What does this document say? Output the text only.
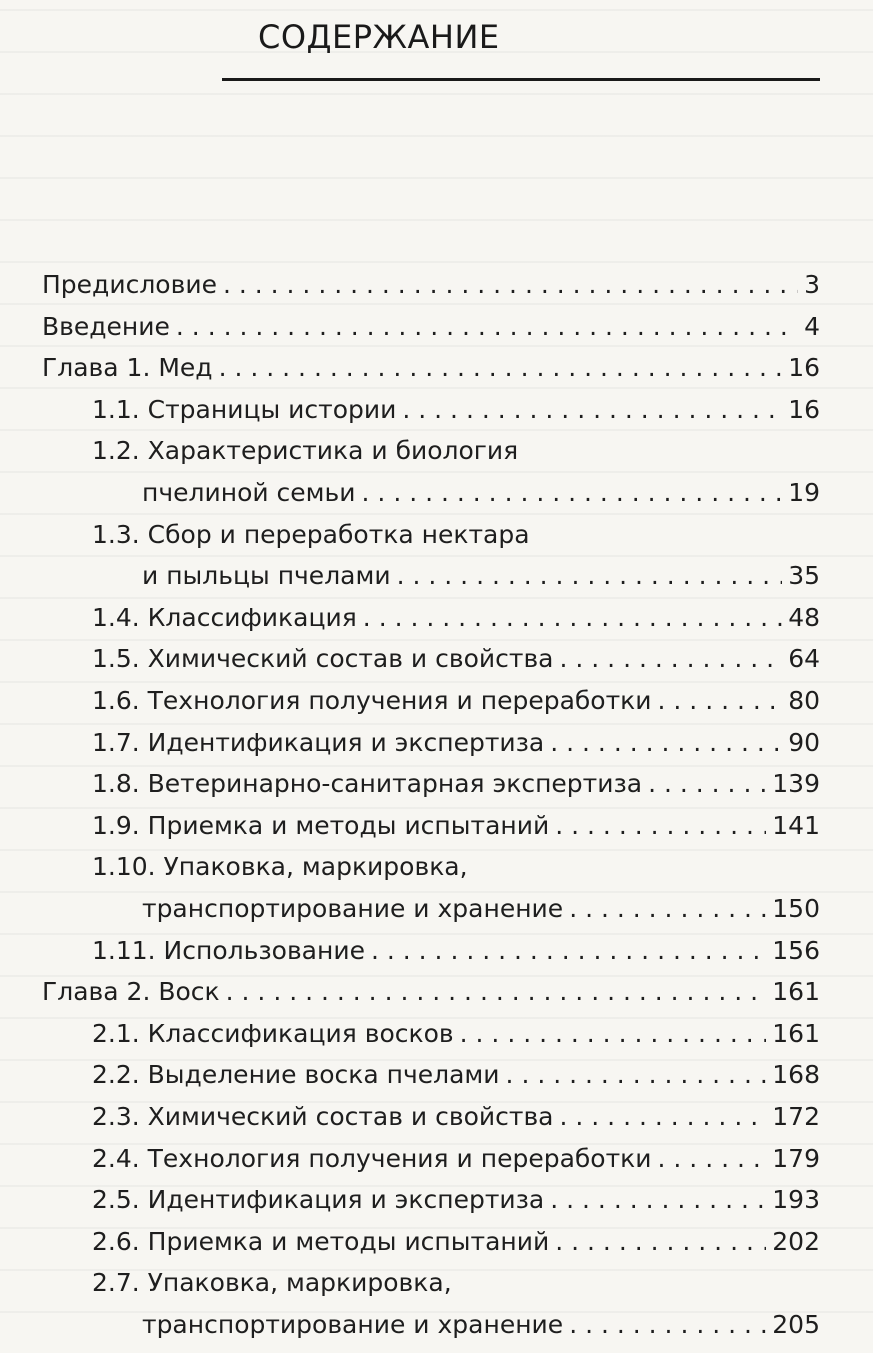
СОДЕРЖАНИЕ
Предисловие . . .	3
Введение . . .	4
Глава 1. Мед . . .	16
1.1. Страницы истории . . .	16
1.2. Характеристика и биология
пчелиной семьи . . .	19
1.3. Сбор и переработка нектара
и пыльцы пчелами . . .	35
1.4. Классификация . . .	48
1.5. Химический состав и свойства . . .	64
1.6. Технология получения и переработки . . .	80
1.7. Идентификация и экспертиза . . .	90
1.8. Ветеринарно-санитарная экспертиза . . .	139
1.9. Приемка и методы испытаний . . .	141
1.10. Упаковка, маркировка,
транспортирование и хранение . . .	150
1.11. Использование . . .	156
Глава 2. Воск . . .	161
2.1. Классификация восков . . .	161
2.2. Выделение воска пчелами . . .	168
2.3. Химический состав и свойства . . .	172
2.4. Технология получения и переработки . . .	179
2.5. Идентификация и экспертиза . . .	193
2.6. Приемка и методы испытаний . . .	202
2.7. Упаковка, маркировка,
транспортирование и хранение . . .	205
